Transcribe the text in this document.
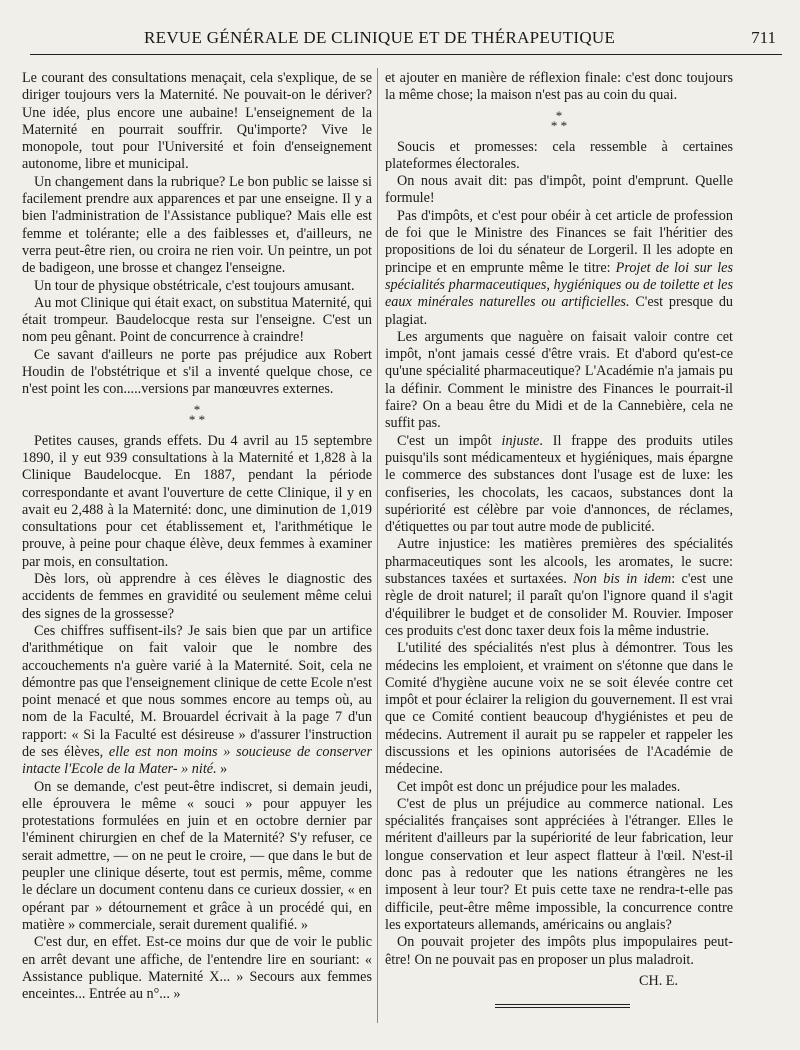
REVUE GÉNÉRALE DE CLINIQUE ET DE THÉRAPEUTIQUE	711

Le courant des consultations menaçait, cela s'explique, de se diriger toujours vers la Maternité. Ne pouvait-on le dériver? Une idée, plus encore une aubaine! L'enseignement de la Maternité en pourrait souffrir. Qu'importe? Vive le monopole, tout pour l'Université et foin d'enseignement autonome, libre et municipal.

Un changement dans la rubrique? Le bon public se laisse si facilement prendre aux apparences et par une enseigne. Il y a bien l'administration de l'Assistance publique? Mais elle est femme et tolérante; elle a des faiblesses et, d'ailleurs, ne verra peut-être rien, ou croira ne rien voir. Un peintre, un pot de badigeon, une brosse et changez l'enseigne.

Un tour de physique obstétricale, c'est toujours amusant.

Au mot Clinique qui était exact, on substitua Maternité, qui était trompeur. Baudelocque resta sur l'enseigne. C'est un nom peu gênant. Point de concurrence à craindre!

Ce savant d'ailleurs ne porte pas préjudice aux Robert Houdin de l'obstétrique et s'il a inventé quelque chose, ce n'est point les con.....versions par manœuvres externes.

*
* *

Petites causes, grands effets. Du 4 avril au 15 septembre 1890, il y eut 939 consultations à la Maternité et 1,828 à la Clinique Baudelocque. En 1887, pendant la période correspondante et avant l'ouverture de cette Clinique, il y en avait eu 2,488 à la Maternité: donc, une diminution de 1,019 consultations pour cet établissement et, l'arithmétique le prouve, à peine pour chaque élève, deux femmes à examiner par mois, en consultation.

Dès lors, où apprendre à ces élèves le diagnostic des accidents de femmes en gravidité ou seulement même celui des signes de la grossesse?

Ces chiffres suffisent-ils? Je sais bien que par un artifice d'arithmétique on fait valoir que le nombre des accouchements n'a guère varié à la Maternité. Soit, cela ne démontre pas que l'enseignement clinique de cette Ecole n'est point menacé et que nous sommes encore au temps où, au nom de la Faculté, M. Brouardel écrivait à la page 7 d'un rapport: « Si la Faculté est désireuse » d'assurer l'instruction de ses élèves, elle est non moins » soucieuse de conserver intacte l'Ecole de la Mater- » nité. »

On se demande, c'est peut-être indiscret, si demain jeudi, elle éprouvera le même « souci » pour appuyer les protestations formulées en juin et en octobre dernier par l'éminent chirurgien en chef de la Maternité? S'y refuser, ce serait admettre, — on ne peut le croire, — que dans le but de peupler une clinique déserte, tout est permis, même, comme le déclare un document contenu dans ce curieux dossier, « en opérant par » détournement et grâce à un procédé qui, en matière » commerciale, serait durement qualifié. »

C'est dur, en effet. Est-ce moins dur que de voir le public en arrêt devant une affiche, de l'entendre lire en souriant: « Assistance publique. Maternité X... » Secours aux femmes enceintes... Entrée au n°... »

et ajouter en manière de réflexion finale: c'est donc toujours la même chose; la maison n'est pas au coin du quai.

*
* *

Soucis et promesses: cela ressemble à certaines plateformes électorales.

On nous avait dit: pas d'impôt, point d'emprunt. Quelle formule!

Pas d'impôts, et c'est pour obéir à cet article de profession de foi que le Ministre des Finances se fait l'héritier des propositions de loi du sénateur de Lorgeril. Il les adopte en principe et en emprunte même le titre: Projet de loi sur les spécialités pharmaceutiques, hygiéniques ou de toilette et les eaux minérales naturelles ou artificielles. C'est presque du plagiat.

Les arguments que naguère on faisait valoir contre cet impôt, n'ont jamais cessé d'être vrais. Et d'abord qu'est-ce qu'une spécialité pharmaceutique? L'Académie n'a jamais pu la définir. Comment le ministre des Finances le pourrait-il faire? On a beau être du Midi et de la Cannebière, cela ne suffit pas.

C'est un impôt injuste. Il frappe des produits utiles puisqu'ils sont médicamenteux et hygiéniques, mais épargne le commerce des substances dont l'usage est de luxe: les confiseries, les chocolats, les cacaos, substances dont la supériorité est célèbre par voie d'annonces, de réclames, d'étiquettes ou par tout autre mode de publicité.

Autre injustice: les matières premières des spécialités pharmaceutiques sont les alcools, les aromates, le sucre: substances taxées et surtaxées. Non bis in idem: c'est une règle de droit naturel; il paraît qu'on l'ignore quand il s'agit d'équilibrer le budget et de consolider M. Rouvier. Imposer ces produits c'est donc taxer deux fois la même industrie.

L'utilité des spécialités n'est plus à démontrer. Tous les médecins les emploient, et vraiment on s'étonne que dans le Comité d'hygiène aucune voix ne se soit élevée contre cet impôt et pour éclairer la religion du gouvernement. Il est vrai que ce Comité contient beaucoup d'hygiénistes et peu de médecins. Autrement il aurait pu se rappeler et rappeler les discussions et les opinions autorisées de l'Académie de médecine.

Cet impôt est donc un préjudice pour les malades.

C'est de plus un préjudice au commerce national. Les spécialités françaises sont appréciées à l'étranger. Elles le méritent d'ailleurs par la supériorité de leur fabrication, leur longue conservation et leur aspect flatteur à l'œil. N'est-il donc pas à redouter que les nations étrangères ne les imposent à leur tour? Et puis cette taxe ne rendra-t-elle pas difficile, peut-être même impossible, la concurrence contre les exportateurs allemands, américains ou anglais?

On pouvait projeter des impôts plus impopulaires peut-être! On ne pouvait pas en proposer un plus maladroit.

CH. E.
